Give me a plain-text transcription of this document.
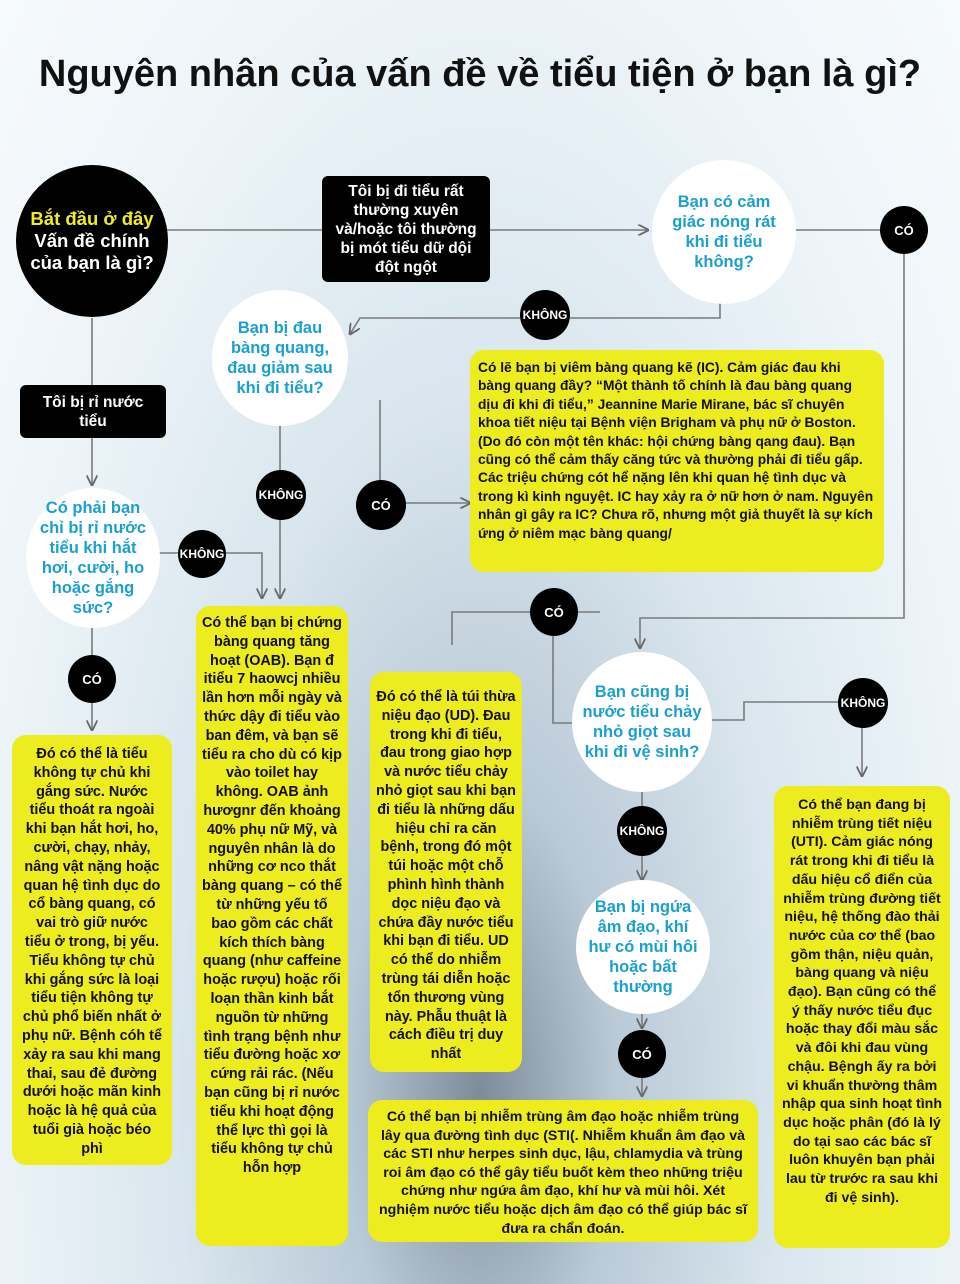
Nguyên nhân của vấn đề về tiểu tiện ở bạn là gì?
Bắt đầu ở đây
Vấn đề chính của bạn là gì?
Tôi bị đi tiểu rất thường xuyên và/hoặc tôi thường bị mót tiểu dữ dội đột ngột
Tôi bị rỉ nước tiểu
Bạn có cảm giác nóng rát khi đi tiểu không?
Bạn bị đau bàng quang, đau giảm sau khi đi tiểu?
Có phải bạn chỉ bị rỉ nước tiểu khi hắt hơi, cười, ho hoặc gắng sức?
Bạn cũng bị nước tiểu chảy nhỏ giọt sau khi đi vệ sinh?
Bạn bị ngứa âm đạo, khí hư có mùi hôi hoặc bất thường
CÓ
KHÔNG
KHÔNG
CÓ
KHÔNG
CÓ
CÓ
KHÔNG
KHÔNG
CÓ
Có lẽ bạn bị viêm bàng quang kẽ (IC). Cảm giác đau khi bàng quang đầy? “Một thành tố chính là đau bàng quang dịu đi khi đi tiểu,” Jeannine Marie Mirane, bác sĩ chuyên khoa tiết niệu tại Bệnh viện Brigham và phụ nữ ở Boston. (Do đó còn một tên khác: hội chứng bàng qang đau). Bạn cũng có thể cảm thấy căng tức và thường phải đi tiểu gấp. Các triệu chứng cót hể nặng lên khi quan hệ tình dục và trong kì kinh nguyệt. IC hay xảy ra ở nữ hơn ở nam. Nguyên nhân gì gây ra IC? Chưa rõ, nhưng một giả thuyết là sự kích ứng ở niêm mạc bàng quang/
Đó có thể là tiểu không tự chủ khi gắng sức. Nước tiểu thoát ra ngoài khi bạn hắt hơi, ho, cười, chạy, nhảy, nâng vật nặng hoặc quan hệ tình dục do cổ bàng quang, có vai trò giữ nước tiểu ở trong, bị yếu. Tiểu không tự chủ khi gắng sức là loại tiểu tiện không tự chủ phổ biến nhất ở phụ nữ. Bệnh cóh tể xảy ra sau khi mang thai, sau đẻ đường dưới hoặc mãn kinh hoặc là hệ quả của tuổi già hoặc béo phì
Có thể bạn bị chứng bàng quang tăng hoạt (OAB). Bạn đ itiểu 7 haowcj nhiều lần hơn mỗi ngày và thức dậy đi tiểu vào ban đêm, và bạn sẽ tiểu ra cho dù có kịp vào toilet hay không. OAB ảnh hươgnr đến khoảng 40% phụ nữ Mỹ, và nguyên nhân là do những cơ nco thắt bàng quang – có thể từ những yếu tố bao gồm các chất kích thích bàng quang (như caffeine hoặc rượu) hoặc rối loạn thần kinh bắt nguồn từ những tình trạng bệnh như tiểu đường hoặc xơ cứng rải rác. (Nếu bạn cũng bị rỉ nước tiểu khi hoạt động thể lực thì gọi là tiểu không tự chủ hỗn hợp
Đó có thể là túi thừa niệu đạo (UD). Đau trong khi đi tiểu, đau trong giao hợp và nước tiểu chảy nhỏ giọt sau khi bạn đi tiểu là những dấu hiệu chỉ ra căn bệnh, trong đó một túi hoặc một chỗ phình hình thành dọc niệu đạo và chứa đầy nước tiểu khi bạn đi tiểu. UD có thể do nhiễm trùng tái diễn hoặc tổn thương vùng này. Phẫu thuật là cách điều trị duy nhất
Có thể bạn bị nhiễm trùng âm đạo hoặc nhiễm trùng lây qua đường tình dục (STI(. Nhiễm khuẩn âm đạo và các STI như herpes sinh dục, lậu, chlamydia và trùng roi âm đạo có thể gây tiểu buốt kèm theo những triệu chứng như ngứa âm đạo, khí hư và mùi hôi. Xét nghiệm nước tiểu hoặc dịch âm đạo có thể giúp bác sĩ đưa ra chẩn đoán.
Có thể bạn đang bị nhiễm trùng tiết niệu (UTI). Cảm giác nóng rát trong khi đi tiểu là dấu hiệu cổ điển của nhiễm trùng đường tiết niệu, hệ thống đào thải nước của cơ thể (bao gồm thận, niệu quản, bàng quang và niệu đạo). Bạn cũng có thể ý thấy nước tiểu đục hoặc thay đổi màu sắc và đôi khi đau vùng chậu. Bệngh ấy ra bởi vi khuẩn thường thâm nhập qua sinh hoạt tình dục hoặc phân (đó là lý do tại sao các bác sĩ luôn khuyên bạn phải lau từ trước ra sau khi đi vệ sinh).
